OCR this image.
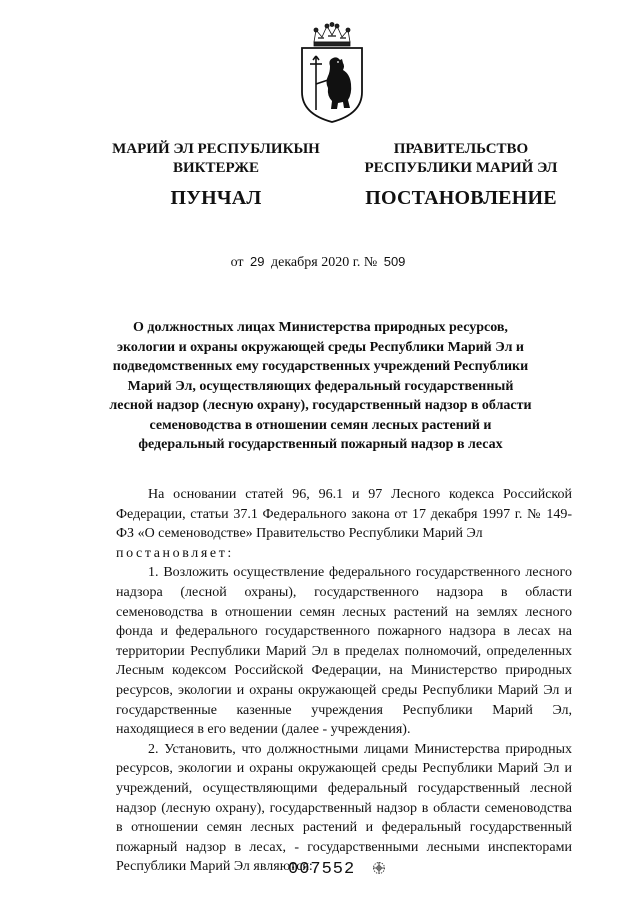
МАРИЙ ЭЛ РЕСПУБЛИКЫН
ВИКТЕРЖЕ
ПУНЧАЛ
ПРАВИТЕЛЬСТВО
РЕСПУБЛИКИ МАРИЙ ЭЛ
ПОСТАНОВЛЕНИЕ
от 29 декабря 2020 г. № 509
О должностных лицах Министерства природных ресурсов, экологии и охраны окружающей среды Республики Марий Эл и подведомственных ему государственных учреждений Республики Марий Эл, осуществляющих федеральный государственный лесной надзор (лесную охрану), государственный надзор в области семеноводства в отношении семян лесных растений и федеральный государственный пожарный надзор в лесах

На основании статей 96, 96.1 и 97 Лесного кодекса Российской Федерации, статьи 37.1 Федерального закона от 17 декабря 1997 г. № 149-ФЗ «О семеноводстве» Правительство Республики Марий Эл

постановляет:

1. Возложить осуществление федерального государственного лесного надзора (лесной охраны), государственного надзора в области семеноводства в отношении семян лесных растений на землях лесного фонда и федерального государственного пожарного надзора в лесах на территории Республики Марий Эл в пределах полномочий, определенных Лесным кодексом Российской Федерации, на Министерство природных ресурсов, экологии и охраны окружающей среды Республики Марий Эл и государственные казенные учреждения Республики Марий Эл, находящиеся в его ведении (далее - учреждения).

2. Установить, что должностными лицами Министерства природных ресурсов, экологии и охраны окружающей среды Республики Марий Эл и учреждений, осуществляющими федеральный государственный лесной надзор (лесную охрану), государственный надзор в области семеноводства в отношении семян лесных растений и федеральный государственный пожарный надзор в лесах, - государственными лесными инспекторами Республики Марий Эл являются:

007552
